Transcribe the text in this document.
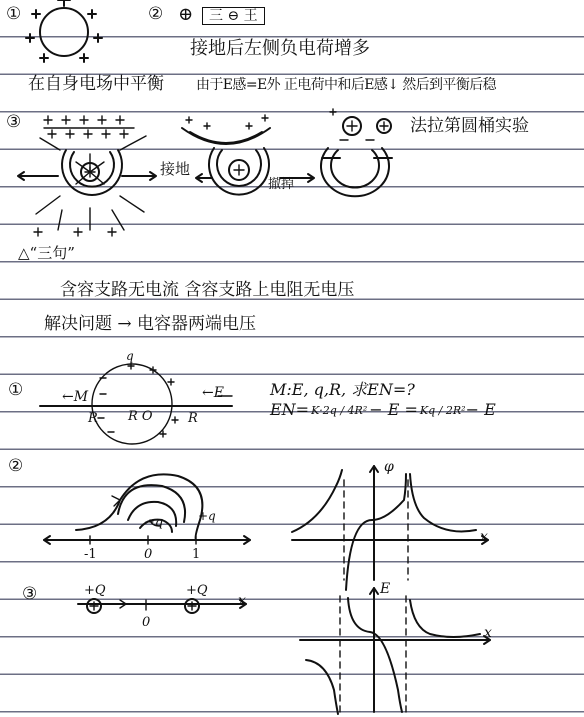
①	② ⊕	三 ⊖ 王
接地后左侧负电荷增多
在自身电场中平衡 由于E感=E外 正电荷中和后E感↓ 然后到平衡后稳
③
接地
撤掉
法拉第圆桶实验
△“三句”
含容支路无电流 含容支路上电阻无电压
解决问题 → 电容器两端电压
①	←M	←E
R	R
R O
q
M:E, q,R, 求EN=?
EN= K·2q / 4R² − E = Kq / 2R² − E
②
-1	0	1
−q	+q
φ
x
③	+Q	+Q
0
x
x
E
